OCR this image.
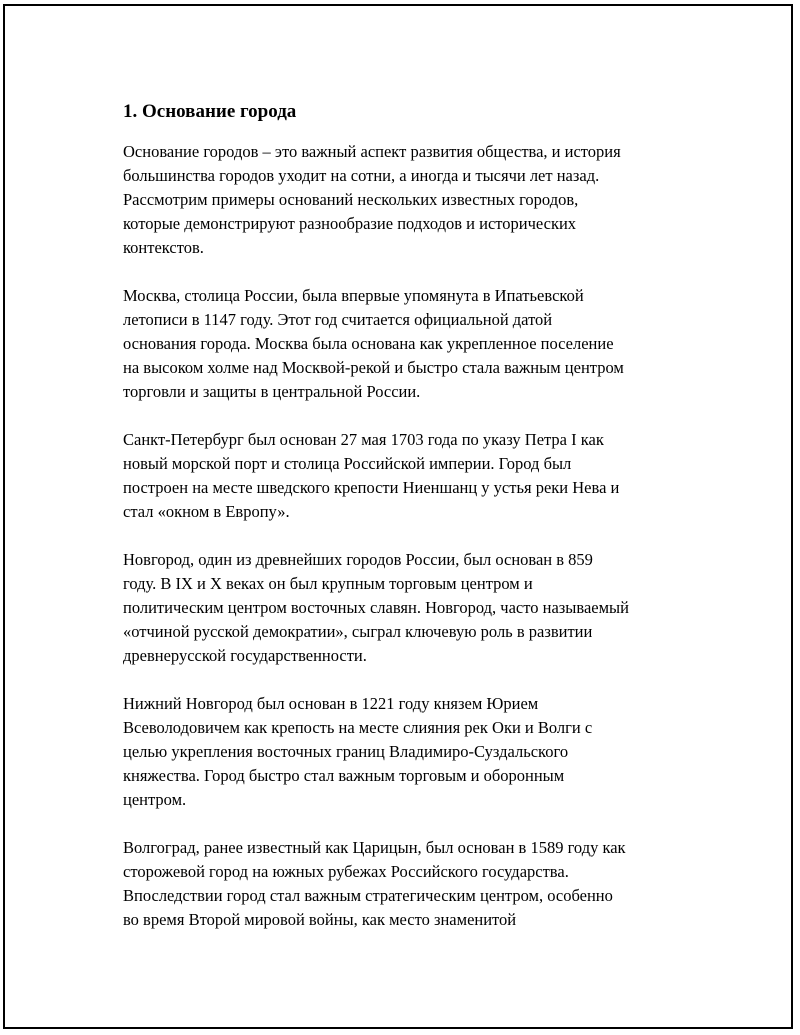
1. Основание города
Основание городов – это важный аспект развития общества, и история
большинства городов уходит на сотни, а иногда и тысячи лет назад.
Рассмотрим примеры оснований нескольких известных городов,
которые демонстрируют разнообразие подходов и исторических
контекстов.
Москва, столица России, была впервые упомянута в Ипатьевской
летописи в 1147 году. Этот год считается официальной датой
основания города. Москва была основана как укрепленное поселение
на высоком холме над Москвой-рекой и быстро стала важным центром
торговли и защиты в центральной России.
Санкт-Петербург был основан 27 мая 1703 года по указу Петра I как
новый морской порт и столица Российской империи. Город был
построен на месте шведского крепости Ниеншанц у устья реки Нева и
стал «окном в Европу».
Новгород, один из древнейших городов России, был основан в 859
году. В IX и X веках он был крупным торговым центром и
политическим центром восточных славян. Новгород, часто называемый
«отчиной русской демократии», сыграл ключевую роль в развитии
древнерусской государственности.
Нижний Новгород был основан в 1221 году князем Юрием
Всеволодовичем как крепость на месте слияния рек Оки и Волги с
целью укрепления восточных границ Владимиро-Суздальского
княжества. Город быстро стал важным торговым и оборонным
центром.
Волгоград, ранее известный как Царицын, был основан в 1589 году как
сторожевой город на южных рубежах Российского государства.
Впоследствии город стал важным стратегическим центром, особенно
во время Второй мировой войны, как место знаменитой
